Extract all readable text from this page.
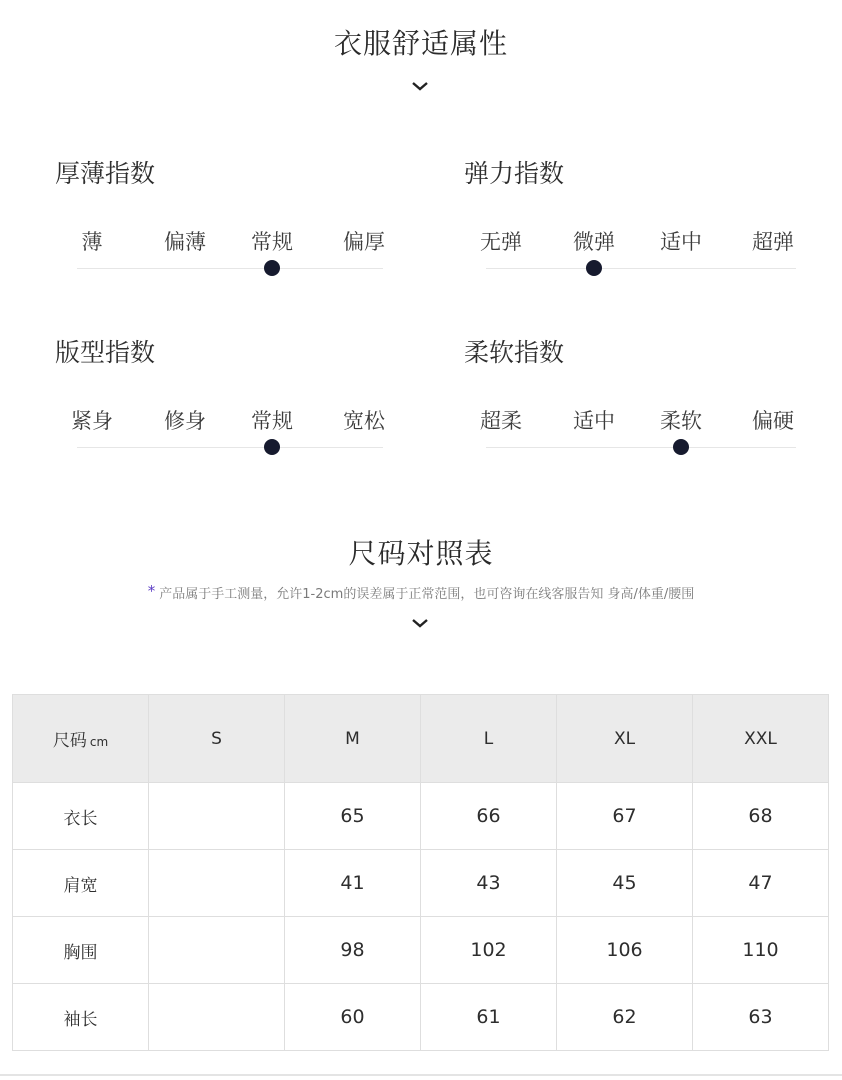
衣服舒适属性
厚薄指数
薄	偏薄	常规	偏厚
弹力指数
无弹	微弹	适中	超弹
版型指数
紧身	修身	常规	宽松
柔软指数
超柔	适中	柔软	偏硬
尺码对照表
* 产品属于手工测量，允许1-2cm的误差属于正常范围，也可咨询在线客服告知 身高/体重/腰围
尺码 cm	S	M	L	XL	XXL
衣长		65	66	67	68
肩宽		41	43	45	47
胸围		98	102	106	110
袖长		60	61	62	63
